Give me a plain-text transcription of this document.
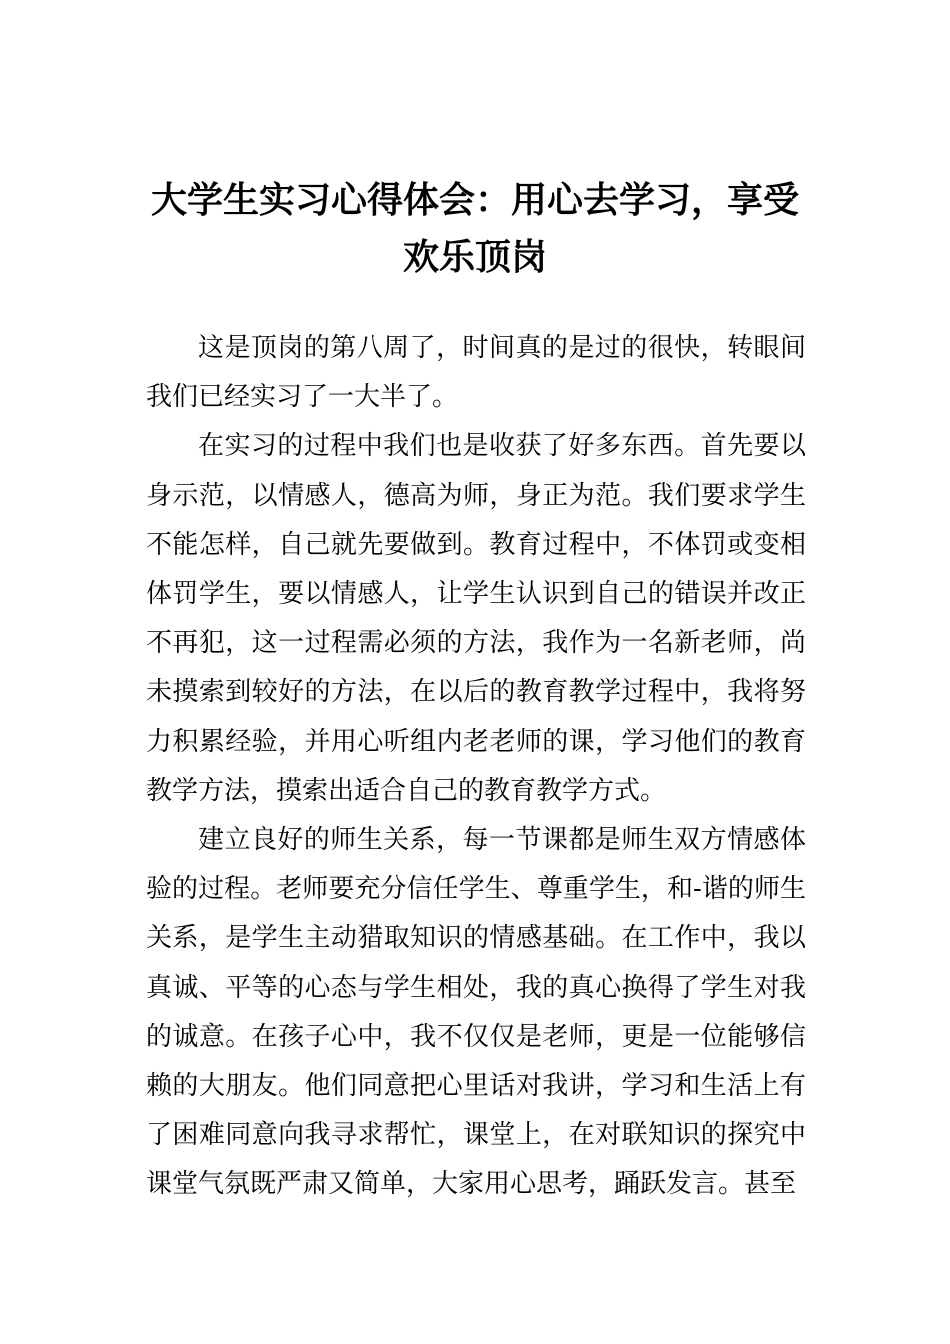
大学生实习心得体会：用心去学习，享受欢乐顶岗

这是顶岗的第八周了，时间真的是过的很快，转眼间我们已经实习了一大半了。

在实习的过程中我们也是收获了好多东西。首先要以身示范，以情感人，德高为师，身正为范。我们要求学生不能怎样，自己就先要做到。教育过程中，不体罚或变相体罚学生，要以情感人，让学生认识到自己的错误并改正不再犯，这一过程需必须的方法，我作为一名新老师，尚未摸索到较好的方法，在以后的教育教学过程中，我将努力积累经验，并用心听组内老老师的课，学习他们的教育教学方法，摸索出适合自己的教育教学方式。

建立良好的师生关系，每一节课都是师生双方情感体验的过程。老师要充分信任学生、尊重学生，和-谐的师生关系，是学生主动猎取知识的情感基础。在工作中，我以真诚、平等的心态与学生相处，我的真心换得了学生对我的诚意。在孩子心中，我不仅仅是老师，更是一位能够信赖的大朋友。他们同意把心里话对我讲，学习和生活上有了困难同意向我寻求帮忙，课堂上，在对联知识的探究中课堂气氛既严肃又简单，大家用心思考，踊跃发言。甚至
